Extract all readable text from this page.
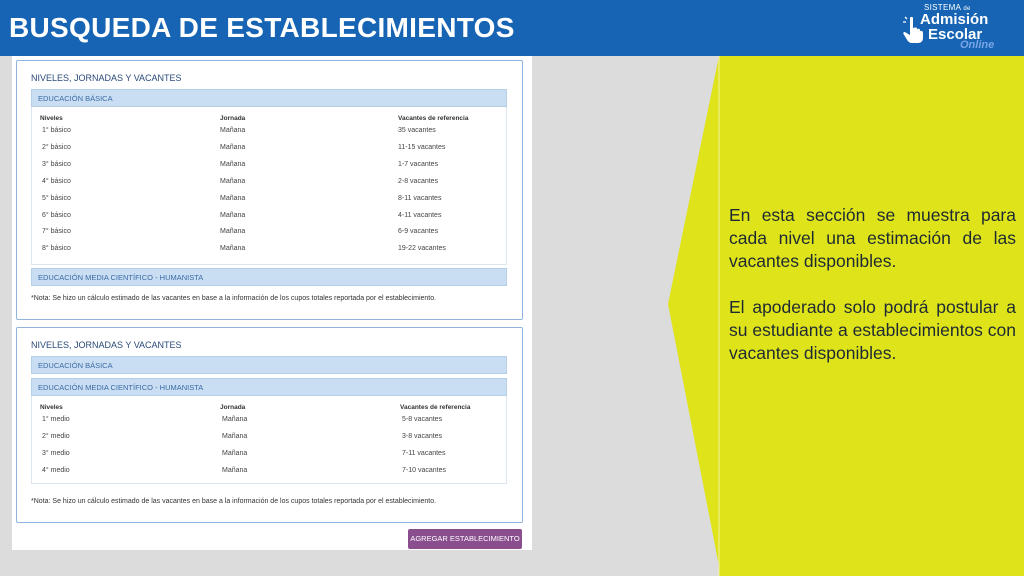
BUSQUEDA DE ESTABLECIMIENTOS
SISTEMA de
Admisión
Escolar
Online
NIVELES, JORNADAS Y VACANTES
EDUCACIÓN BÁSICA
Niveles	Jornada	Vacantes de referencia
1° básico	Mañana	35 vacantes
2° básico	Mañana	11-15 vacantes
3° básico	Mañana	1-7 vacantes
4° básico	Mañana	2-8 vacantes
5° básico	Mañana	8-11 vacantes
6° básico	Mañana	4-11 vacantes
7° básico	Mañana	6-9 vacantes
8° básico	Mañana	19-22 vacantes
EDUCACIÓN MEDIA CIENTÍFICO - HUMANISTA
*Nota: Se hizo un cálculo estimado de las vacantes en base a la información de los cupos totales reportada por el establecimiento.
NIVELES, JORNADAS Y VACANTES
EDUCACIÓN BÁSICA
EDUCACIÓN MEDIA CIENTÍFICO - HUMANISTA
Niveles	Jornada	Vacantes de referencia
1° medio	Mañana	5-8 vacantes
2° medio	Mañana	3-8 vacantes
3° medio	Mañana	7-11 vacantes
4° medio	Mañana	7-10 vacantes
*Nota: Se hizo un cálculo estimado de las vacantes en base a la información de los cupos totales reportada por el establecimiento.
AGREGAR ESTABLECIMIENTO

En esta sección se muestra para cada nivel una estimación de las vacantes disponibles.

El apoderado solo podrá postular a su estudiante a establecimientos con vacantes disponibles.
